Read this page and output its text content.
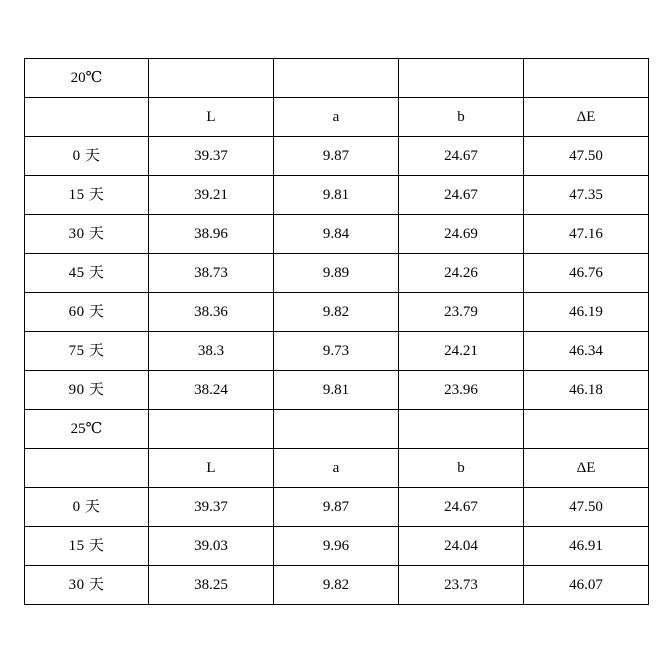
20℃				
	L	a	b	ΔE
0 天	39.37	9.87	24.67	47.50
15 天	39.21	9.81	24.67	47.35
30 天	38.96	9.84	24.69	47.16
45 天	38.73	9.89	24.26	46.76
60 天	38.36	9.82	23.79	46.19
75 天	38.3	9.73	24.21	46.34
90 天	38.24	9.81	23.96	46.18
25℃				
	L	a	b	ΔE
0 天	39.37	9.87	24.67	47.50
15 天	39.03	9.96	24.04	46.91
30 天	38.25	9.82	23.73	46.07
